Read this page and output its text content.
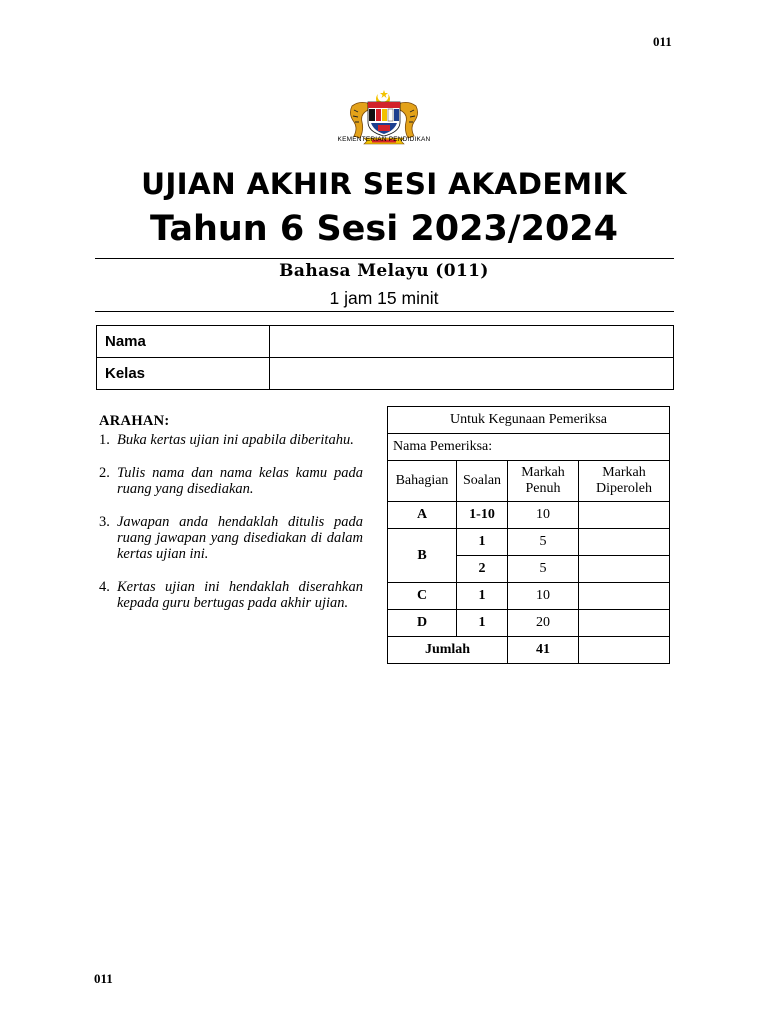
011
KEMENTERIAN PENDIDIKAN
UJIAN AKHIR SESI AKADEMIK
Tahun 6 Sesi 2023/2024
Bahasa Melayu (011)
1 jam 15 minit
Nama	
Kelas	
ARAHAN:
1. Buka kertas ujian ini apabila diberitahu.
2. Tulis nama dan nama kelas kamu pada ruang yang disediakan.
3. Jawapan anda hendaklah ditulis pada ruang jawapan yang disediakan di dalam kertas ujian ini.
4. Kertas ujian ini hendaklah diserahkan kepada guru bertugas pada akhir ujian.
Untuk Kegunaan Pemeriksa			
Nama Pemeriksa:			
Bahagian	Soalan	Markah Penuh	Markah Diperoleh
A	1-10	10	
B	1	5	
	2	5	
C	1	10	
D	1	20	
Jumlah		41	
011
